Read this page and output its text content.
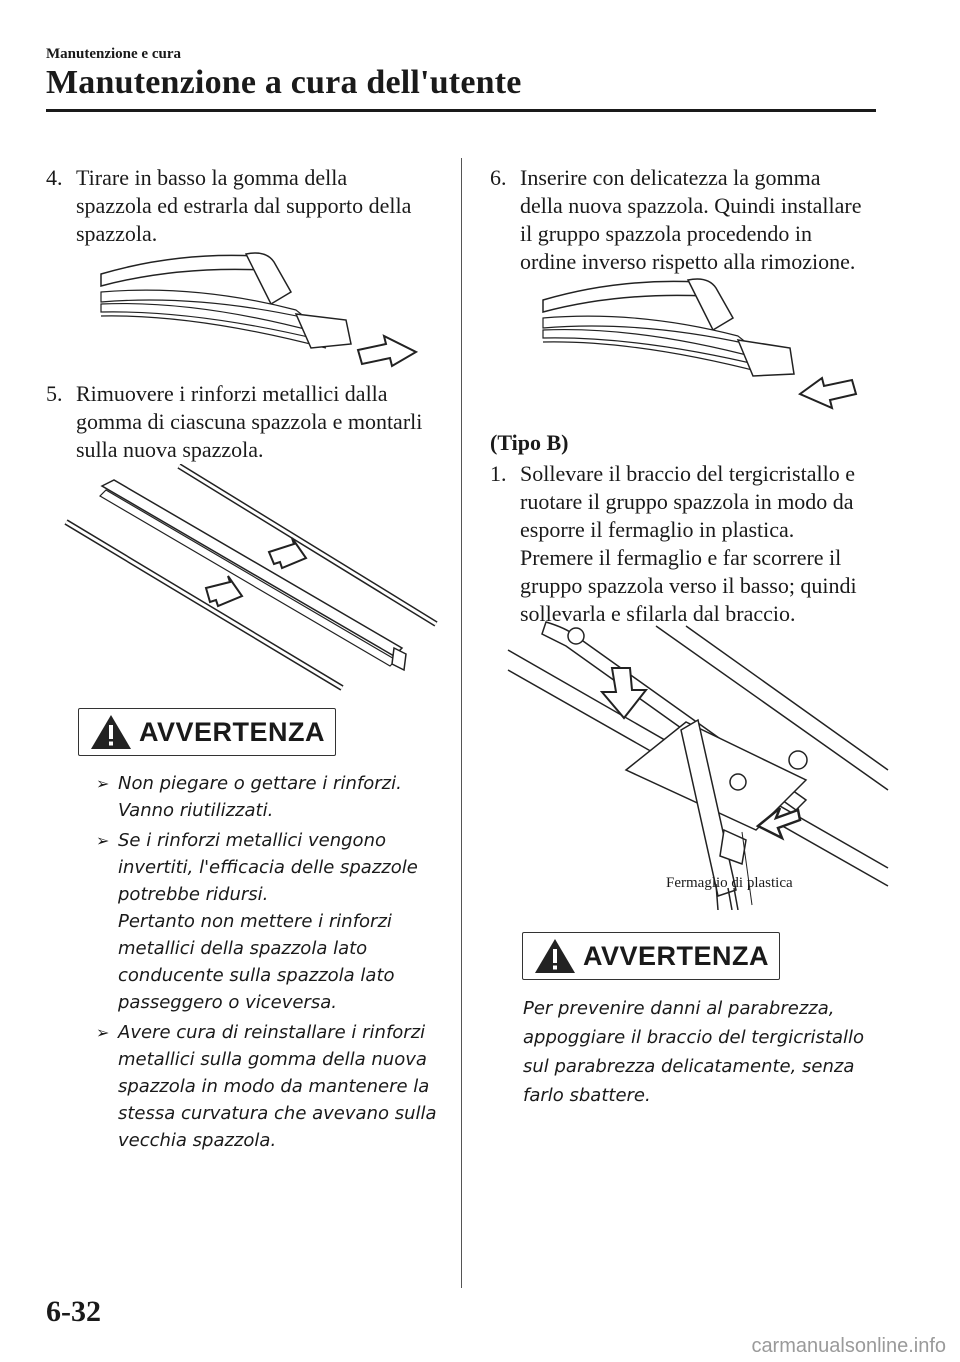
Manutenzione e cura
Manutenzione a cura dell'utente
4. Tirare in basso la gomma della
spazzola ed estrarla dal supporto della
spazzola.
5. Rimuovere i rinforzi metallici dalla
gomma di ciascuna spazzola e montarli
sulla nuova spazzola.
AVVERTENZA
➢ Non piegare o gettare i rinforzi.
Vanno riutilizzati.
➢ Se i rinforzi metallici vengono
invertiti, l'efficacia delle spazzole
potrebbe ridursi.
Pertanto non mettere i rinforzi
metallici della spazzola lato
conducente sulla spazzola lato
passeggero o viceversa.
➢ Avere cura di reinstallare i rinforzi
metallici sulla gomma della nuova
spazzola in modo da mantenere la
stessa curvatura che avevano sulla
vecchia spazzola.
6. Inserire con delicatezza la gomma
della nuova spazzola. Quindi installare
il gruppo spazzola procedendo in
ordine inverso rispetto alla rimozione.
(Tipo B)
1. Sollevare il braccio del tergicristallo e
ruotare il gruppo spazzola in modo da
esporre il fermaglio in plastica.
Premere il fermaglio e far scorrere il
gruppo spazzola verso il basso; quindi
sollevarla e sfilarla dal braccio.
Fermaglio di plastica
AVVERTENZA
Per prevenire danni al parabrezza,
appoggiare il braccio del tergicristallo
sul parabrezza delicatamente, senza
farlo sbattere.
6-32
carmanualsonline.info
